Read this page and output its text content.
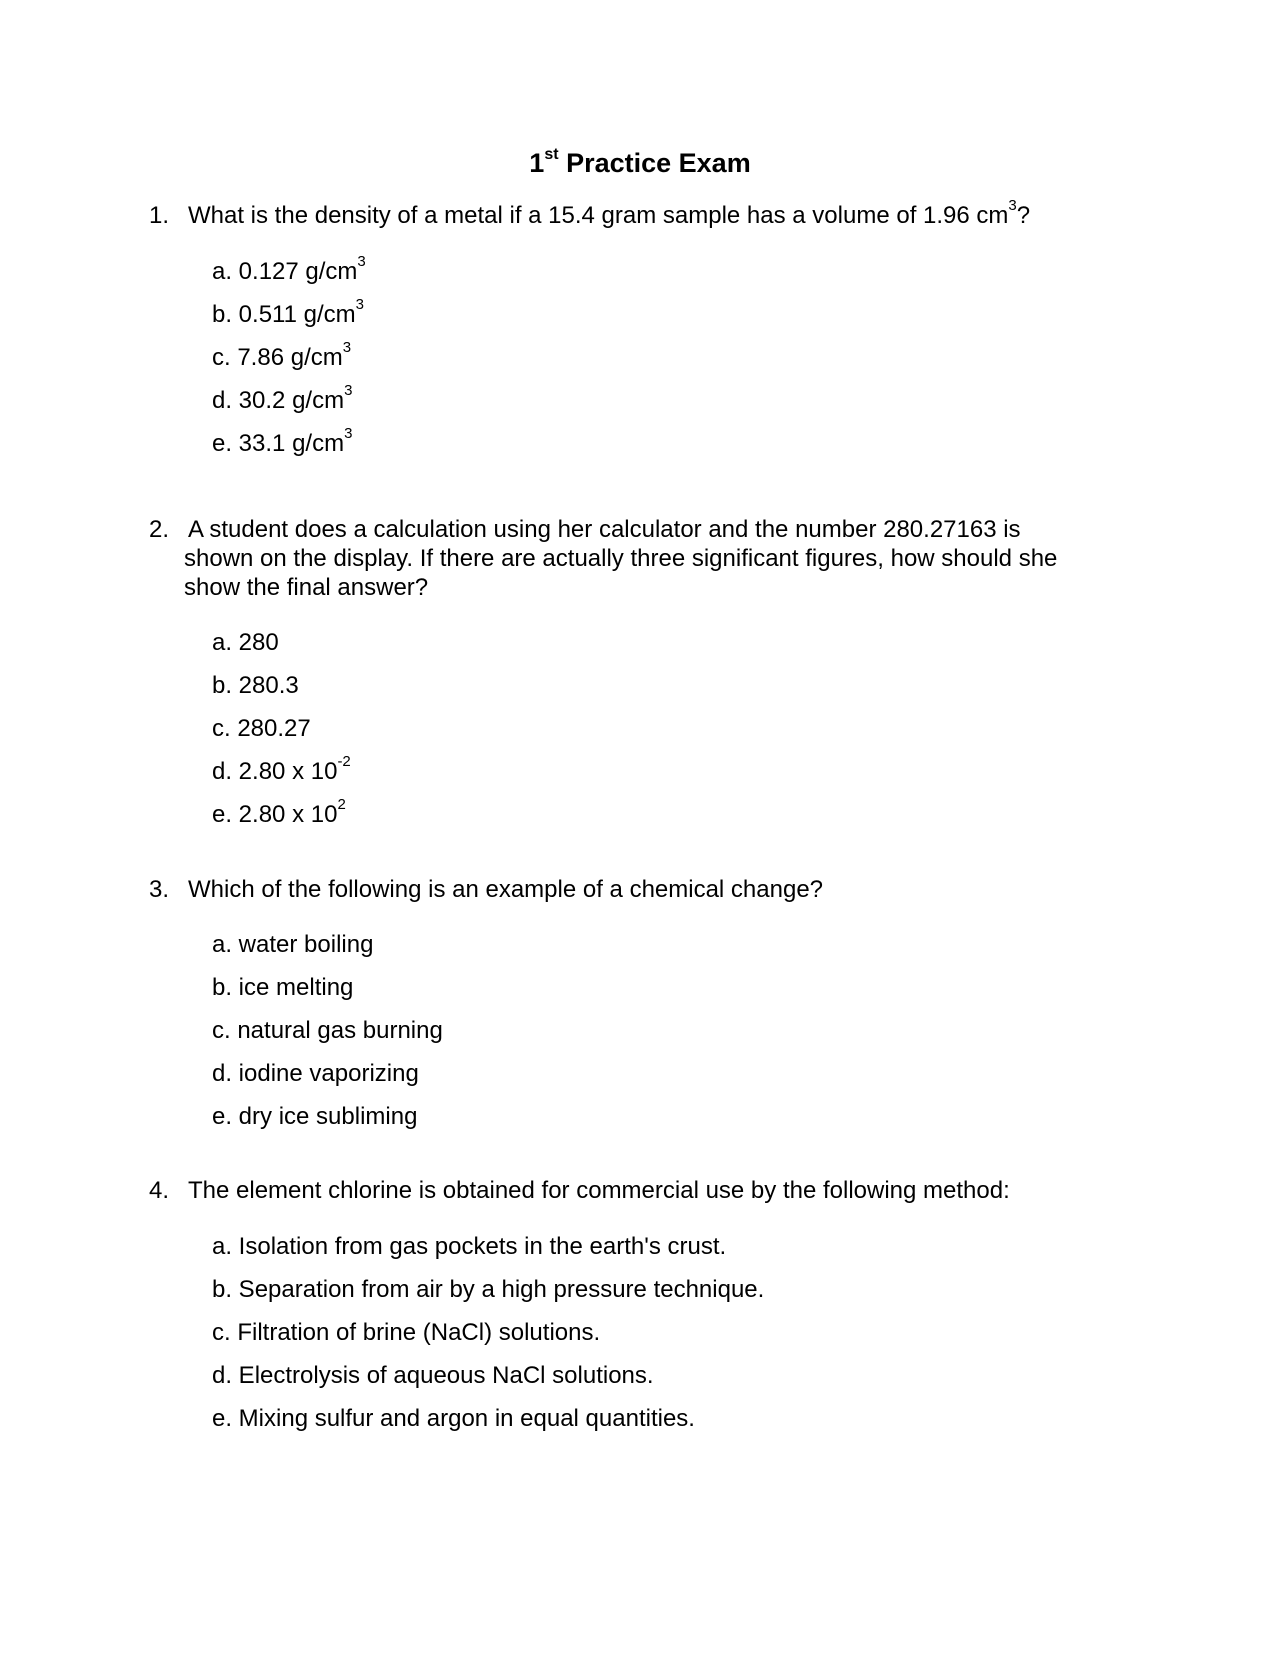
1st Practice Exam
1. What is the density of a metal if a 15.4 gram sample has a volume of 1.96 $cm^3$?
a. 0.127 $g/cm^3$
b. 0.511 $g/cm^3$
c. 7.86 $g/cm^3$
d. 30.2 $g/cm^3$
e. 33.1 $g/cm^3$
2. A student does a calculation using her calculator and the number 280.27163 is
shown on the display. If there are actually three significant figures, how should she
show the final answer?
a. 280
b. 280.3
c. 280.27
d. 2.80 x $10^{-2}$
e. 2.80 x $10^2$
3. Which of the following is an example of a chemical change?
a. water boiling
b. ice melting
c. natural gas burning
d. iodine vaporizing
e. dry ice subliming
4. The element chlorine is obtained for commercial use by the following method:
a. Isolation from gas pockets in the earth's crust.
b. Separation from air by a high pressure technique.
c. Filtration of brine (NaCl) solutions.
d. Electrolysis of aqueous NaCl solutions.
e. Mixing sulfur and argon in equal quantities.
